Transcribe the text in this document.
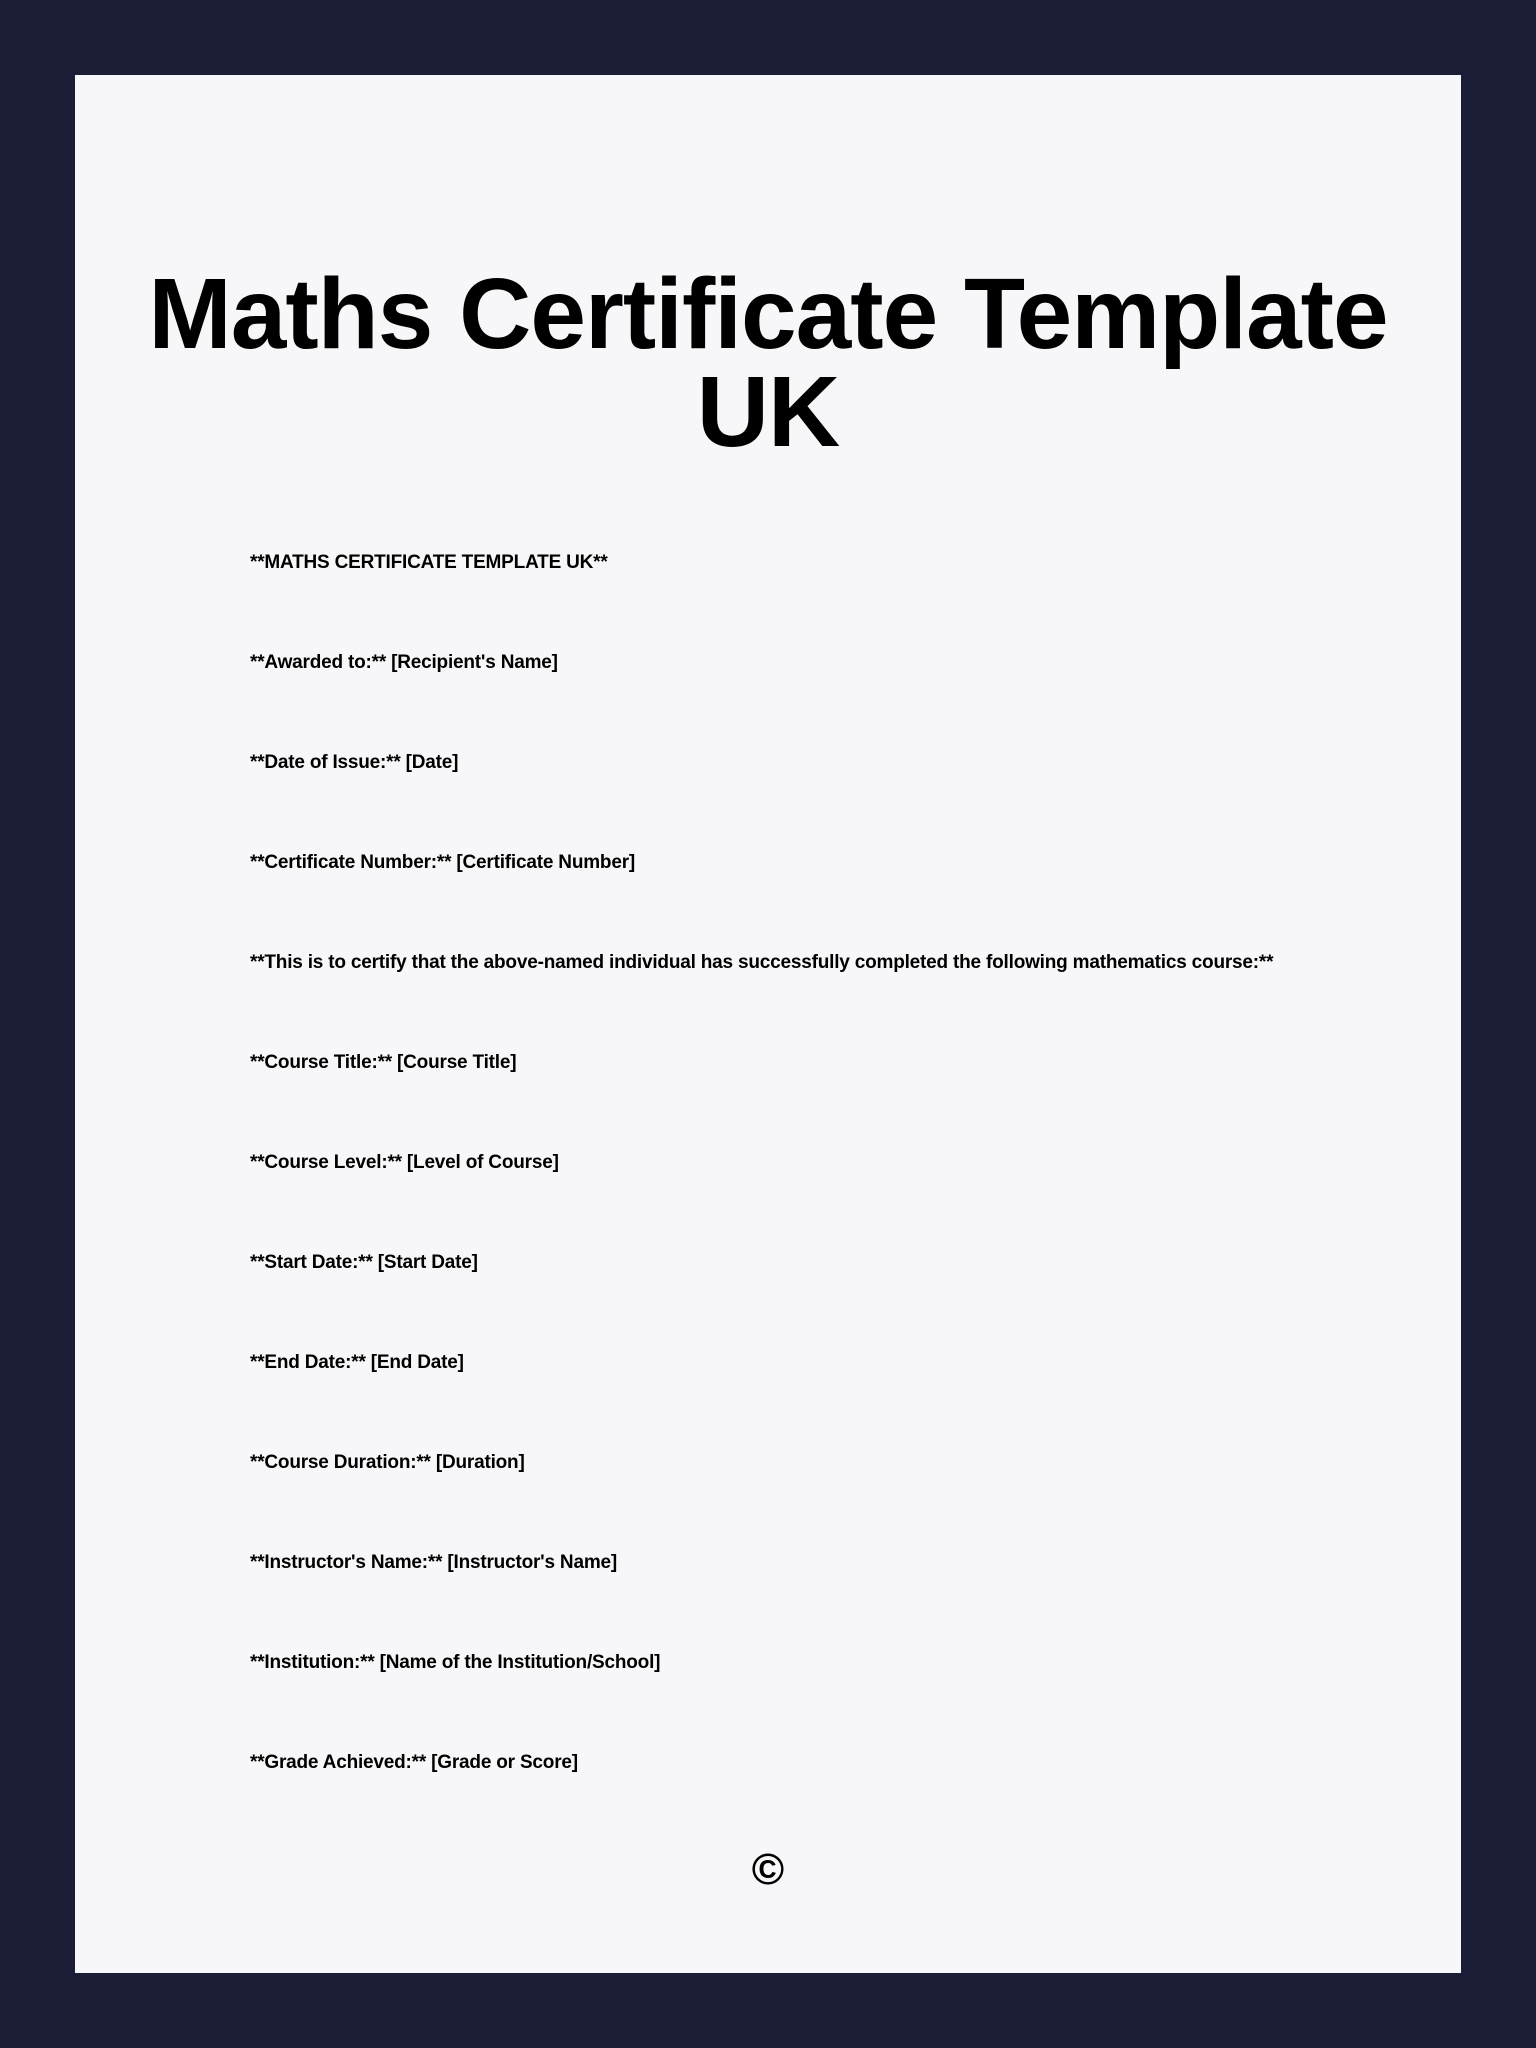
Maths Certificate Template UK

**MATHS CERTIFICATE TEMPLATE UK**

**Awarded to:** [Recipient's Name]

**Date of Issue:** [Date]

**Certificate Number:** [Certificate Number]

**This is to certify that the above-named individual has successfully completed the following mathematics course:**

**Course Title:** [Course Title]

**Course Level:** [Level of Course]

**Start Date:** [Start Date]

**End Date:** [End Date]

**Course Duration:** [Duration]

**Instructor's Name:** [Instructor's Name]

**Institution:** [Name of the Institution/School]

**Grade Achieved:** [Grade or Score]

©
